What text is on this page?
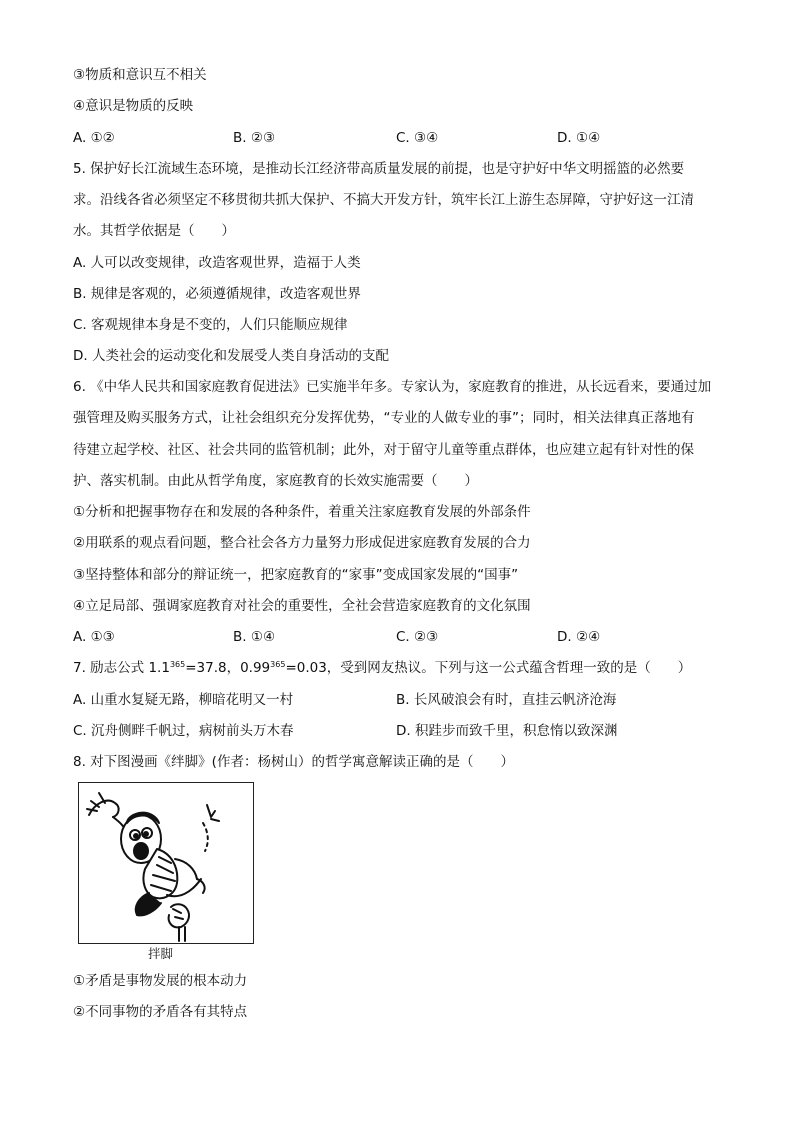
③物质和意识互不相关
④意识是物质的反映
A. ①②	B. ②③	C. ③④	D. ①④
5. 保护好长江流域生态环境，是推动长江经济带高质量发展的前提，也是守护好中华文明摇篮的必然要
求。沿线各省必须坚定不移贯彻共抓大保护、不搞大开发方针，筑牢长江上游生态屏障，守护好这一江清
水。其哲学依据是（　　）
A. 人可以改变规律，改造客观世界，造福于人类
B. 规律是客观的，必须遵循规律，改造客观世界
C. 客观规律本身是不变的，人们只能顺应规律
D. 人类社会的运动变化和发展受人类自身活动的支配
6. 《中华人民共和国家庭教育促进法》已实施半年多。专家认为，家庭教育的推进，从长远看来，要通过加
强管理及购买服务方式，让社会组织充分发挥优势，“专业的人做专业的事”；同时，相关法律真正落地有
待建立起学校、社区、社会共同的监管机制；此外，对于留守儿童等重点群体，也应建立起有针对性的保
护、落实机制。由此从哲学角度，家庭教育的长效实施需要（　　）
①分析和把握事物存在和发展的各种条件，着重关注家庭教育发展的外部条件
②用联系的观点看问题，整合社会各方力量努力形成促进家庭教育发展的合力
③坚持整体和部分的辩证统一，把家庭教育的“家事”变成国家发展的“国事”
④立足局部、强调家庭教育对社会的重要性，全社会营造家庭教育的文化氛围
A. ①③	B. ①④	C. ②③	D. ②④
7. 励志公式 $1.1^{365}=37.8$，$0.99^{365}=0.03$，受到网友热议。下列与这一公式蕴含哲理一致的是（　　）
A. 山重水复疑无路，柳暗花明又一村	B. 长风破浪会有时，直挂云帆济沧海
C. 沉舟侧畔千帆过，病树前头万木春	D. 积跬步而致千里，积怠惰以致深渊
8. 对下图漫画《绊脚》(作者：杨树山）的哲学寓意解读正确的是（　　）
拌脚
①矛盾是事物发展的根本动力
②不同事物的矛盾各有其特点
